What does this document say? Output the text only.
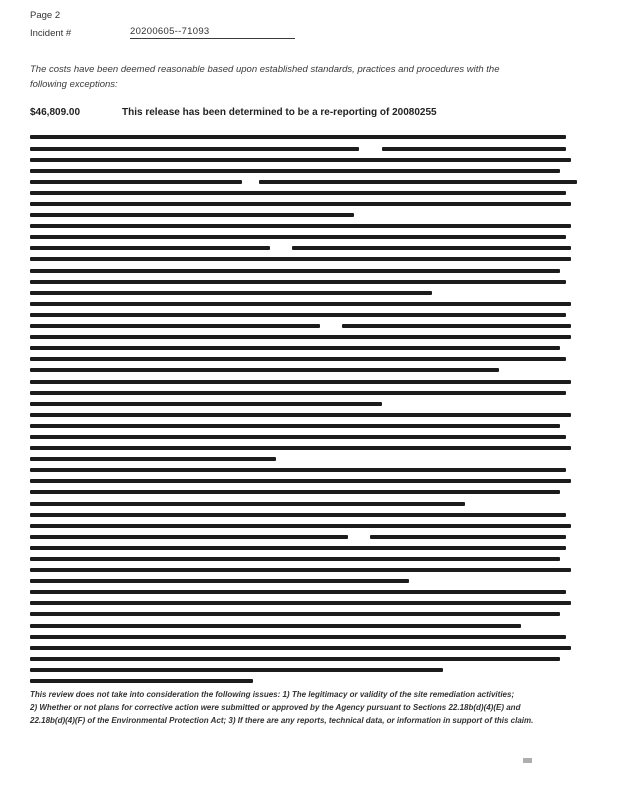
Page 2
Incident #	20200605--71093
The costs have been deemed reasonable based upon established standards, practices and procedures with the following exceptions:
$46,809.00	This release has been determined to be a re-reporting of 20080255
This review does not take into consideration the following issues: 1) The legitimacy or validity of the site remediation activities;
2) Whether or not plans for corrective action were submitted or approved by the Agency pursuant to Sections 22.18b(d)(4)(E) and
22.18b(d)(4)(F) of the Environmental Protection Act; 3) If there are any reports, technical data, or information in support of this claim.
